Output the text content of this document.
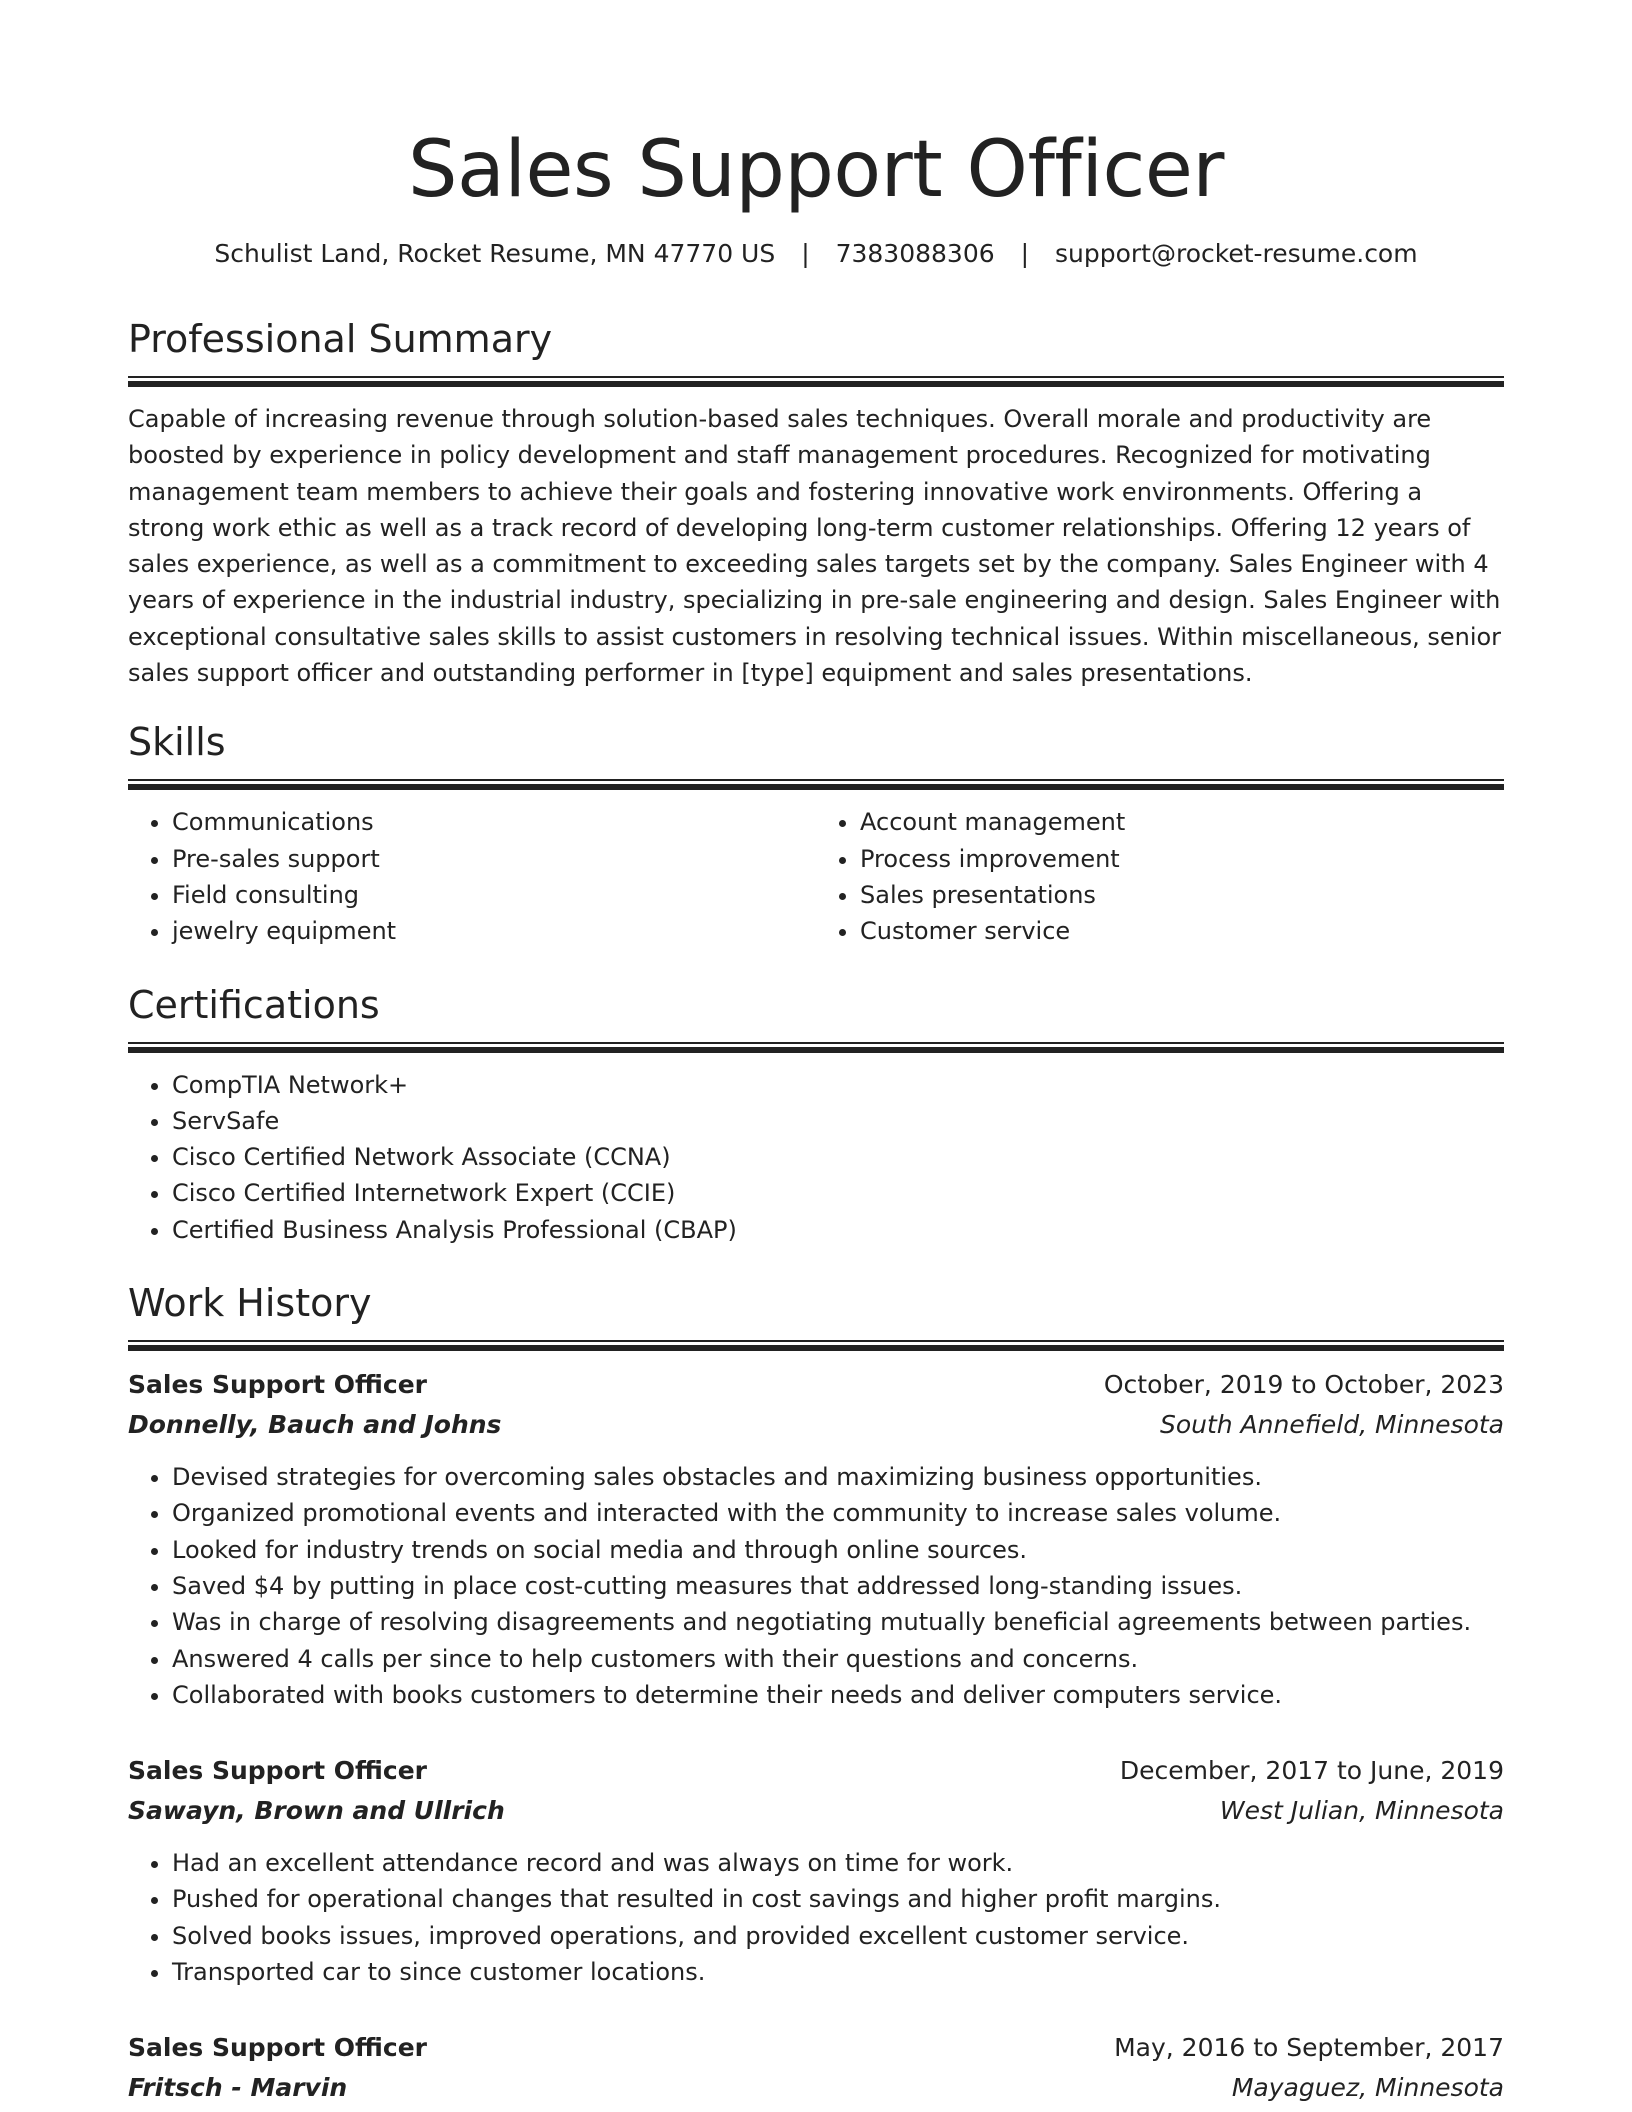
Sales Support Officer
Schulist Land, Rocket Resume, MN 47770 US | 7383088306 | support@rocket-resume.com
Professional Summary

Capable of increasing revenue through solution-based sales techniques. Overall morale and productivity are boosted by experience in policy development and staff management procedures. Recognized for motivating management team members to achieve their goals and fostering innovative work environments. Offering a strong work ethic as well as a track record of developing long-term customer relationships. Offering 12 years of sales experience, as well as a commitment to exceeding sales targets set by the company. Sales Engineer with 4 years of experience in the industrial industry, specializing in pre-sale engineering and design. Sales Engineer with exceptional consultative sales skills to assist customers in resolving technical issues. Within miscellaneous, senior sales support officer and outstanding performer in [type] equipment and sales presentations.

Skills
• Communications
• Pre-sales support
• Field consulting
• jewelry equipment
• Account management
• Process improvement
• Sales presentations
• Customer service
Certifications
• CompTIA Network+
• ServSafe
• Cisco Certified Network Associate (CCNA)
• Cisco Certified Internetwork Expert (CCIE)
• Certified Business Analysis Professional (CBAP)
Work History
Sales Support Officer	October, 2019 to October, 2023
Donnelly, Bauch and Johns	South Annefield, Minnesota
• Devised strategies for overcoming sales obstacles and maximizing business opportunities.
• Organized promotional events and interacted with the community to increase sales volume.
• Looked for industry trends on social media and through online sources.
• Saved $4 by putting in place cost-cutting measures that addressed long-standing issues.
• Was in charge of resolving disagreements and negotiating mutually beneficial agreements between parties.
• Answered 4 calls per since to help customers with their questions and concerns.
• Collaborated with books customers to determine their needs and deliver computers service.
Sales Support Officer	December, 2017 to June, 2019
Sawayn, Brown and Ullrich	West Julian, Minnesota
• Had an excellent attendance record and was always on time for work.
• Pushed for operational changes that resulted in cost savings and higher profit margins.
• Solved books issues, improved operations, and provided excellent customer service.
• Transported car to since customer locations.
Sales Support Officer	May, 2016 to September, 2017
Fritsch - Marvin	Mayaguez, Minnesota
